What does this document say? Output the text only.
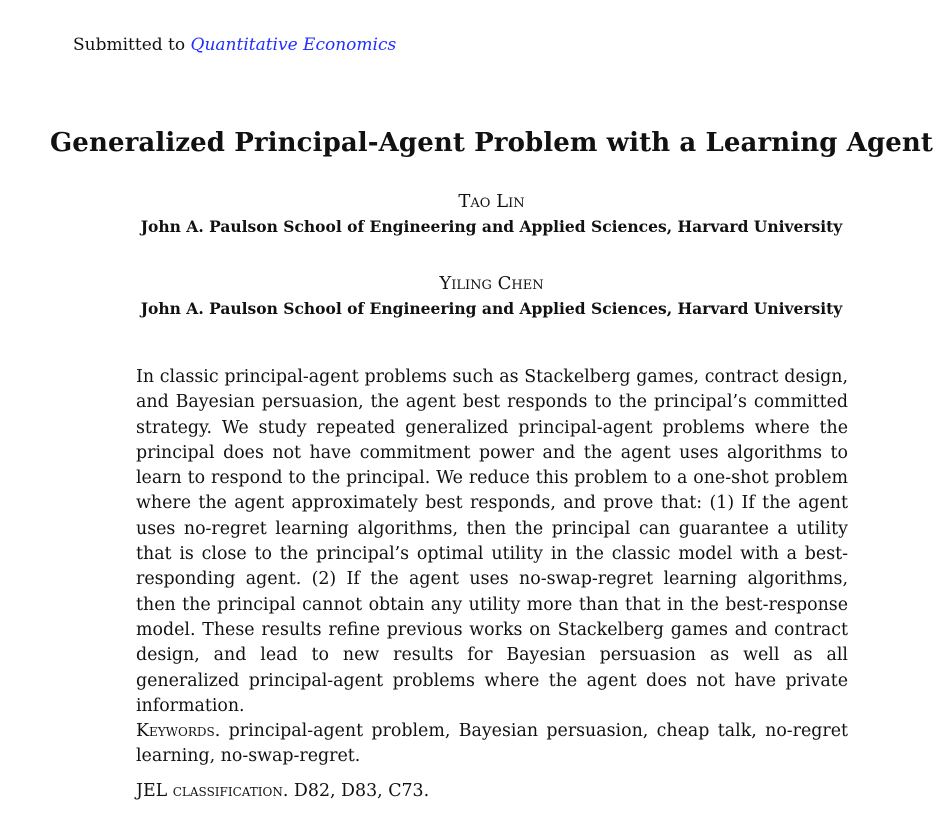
Submitted to Quantitative Economics
Generalized Principal-Agent Problem with a Learning Agent
Tao Lin
John A. Paulson School of Engineering and Applied Sciences, Harvard University
Yiling Chen
John A. Paulson School of Engineering and Applied Sciences, Harvard University
In classic principal-agent problems such as Stackelberg games, contract design, and Bayesian persuasion, the agent best responds to the principal’s committed strategy. We study repeated generalized principal-agent problems where the principal does not have commitment power and the agent uses algorithms to learn to respond to the principal. We reduce this problem to a one-shot problem where the agent approximately best responds, and prove that: (1) If the agent uses no-regret learning algorithms, then the principal can guarantee a utility that is close to the principal’s optimal utility in the classic model with a best-responding agent. (2) If the agent uses no-swap-regret learning algorithms, then the principal cannot obtain any utility more than that in the best-response model. These results refine previous works on Stackelberg games and contract design, and lead to new results for Bayesian persuasion as well as all generalized principal-agent problems where the agent does not have private information.
Keywords. principal-agent problem, Bayesian persuasion, cheap talk, no-regret learning, no-swap-regret.
JEL classification. D82, D83, C73.
